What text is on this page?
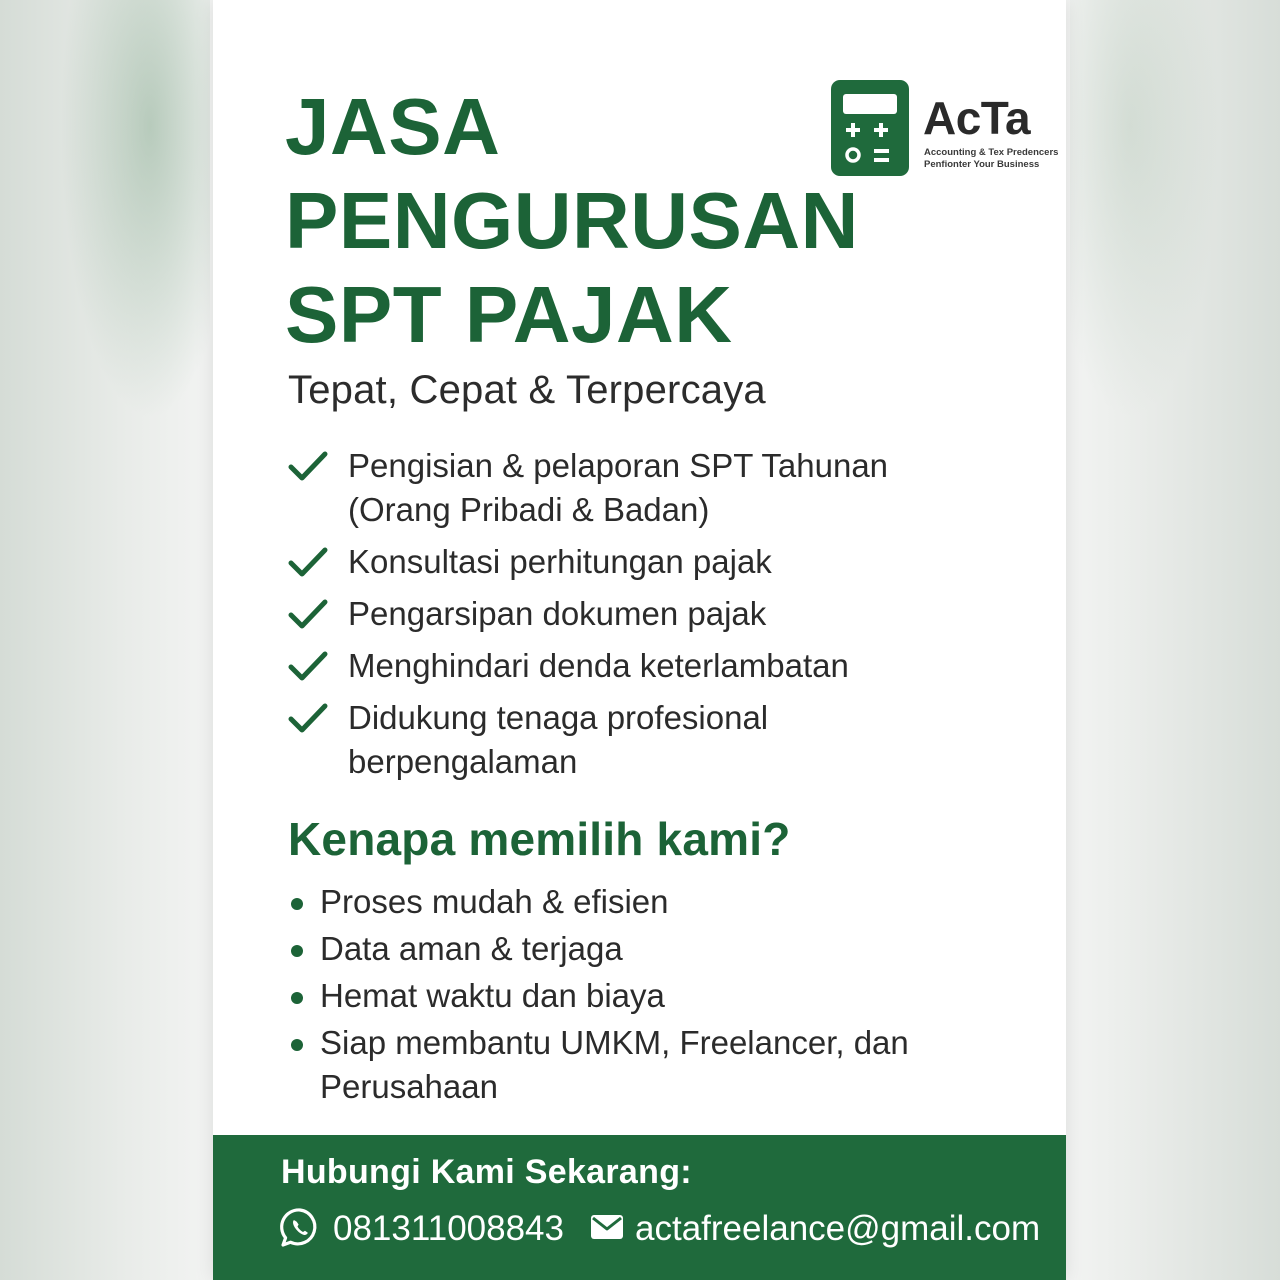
JASA
PENGURUSAN
SPT PAJAK
AcTa
Accounting & Tex Predencers
Penfionter Your Business
Tepat, Cepat & Terpercaya
Pengisian & pelaporan SPT Tahunan
(Orang Pribadi & Badan)
Konsultasi perhitungan pajak
Pengarsipan dokumen pajak
Menghindari denda keterlambatan
Didukung tenaga profesional
berpengalaman
Kenapa memilih kami?
Proses mudah & efisien
Data aman & terjaga
Hemat waktu dan biaya
Siap membantu UMKM, Freelancer, dan
Perusahaan
Hubungi Kami Sekarang:
081311008843 actafreelance@gmail.com
